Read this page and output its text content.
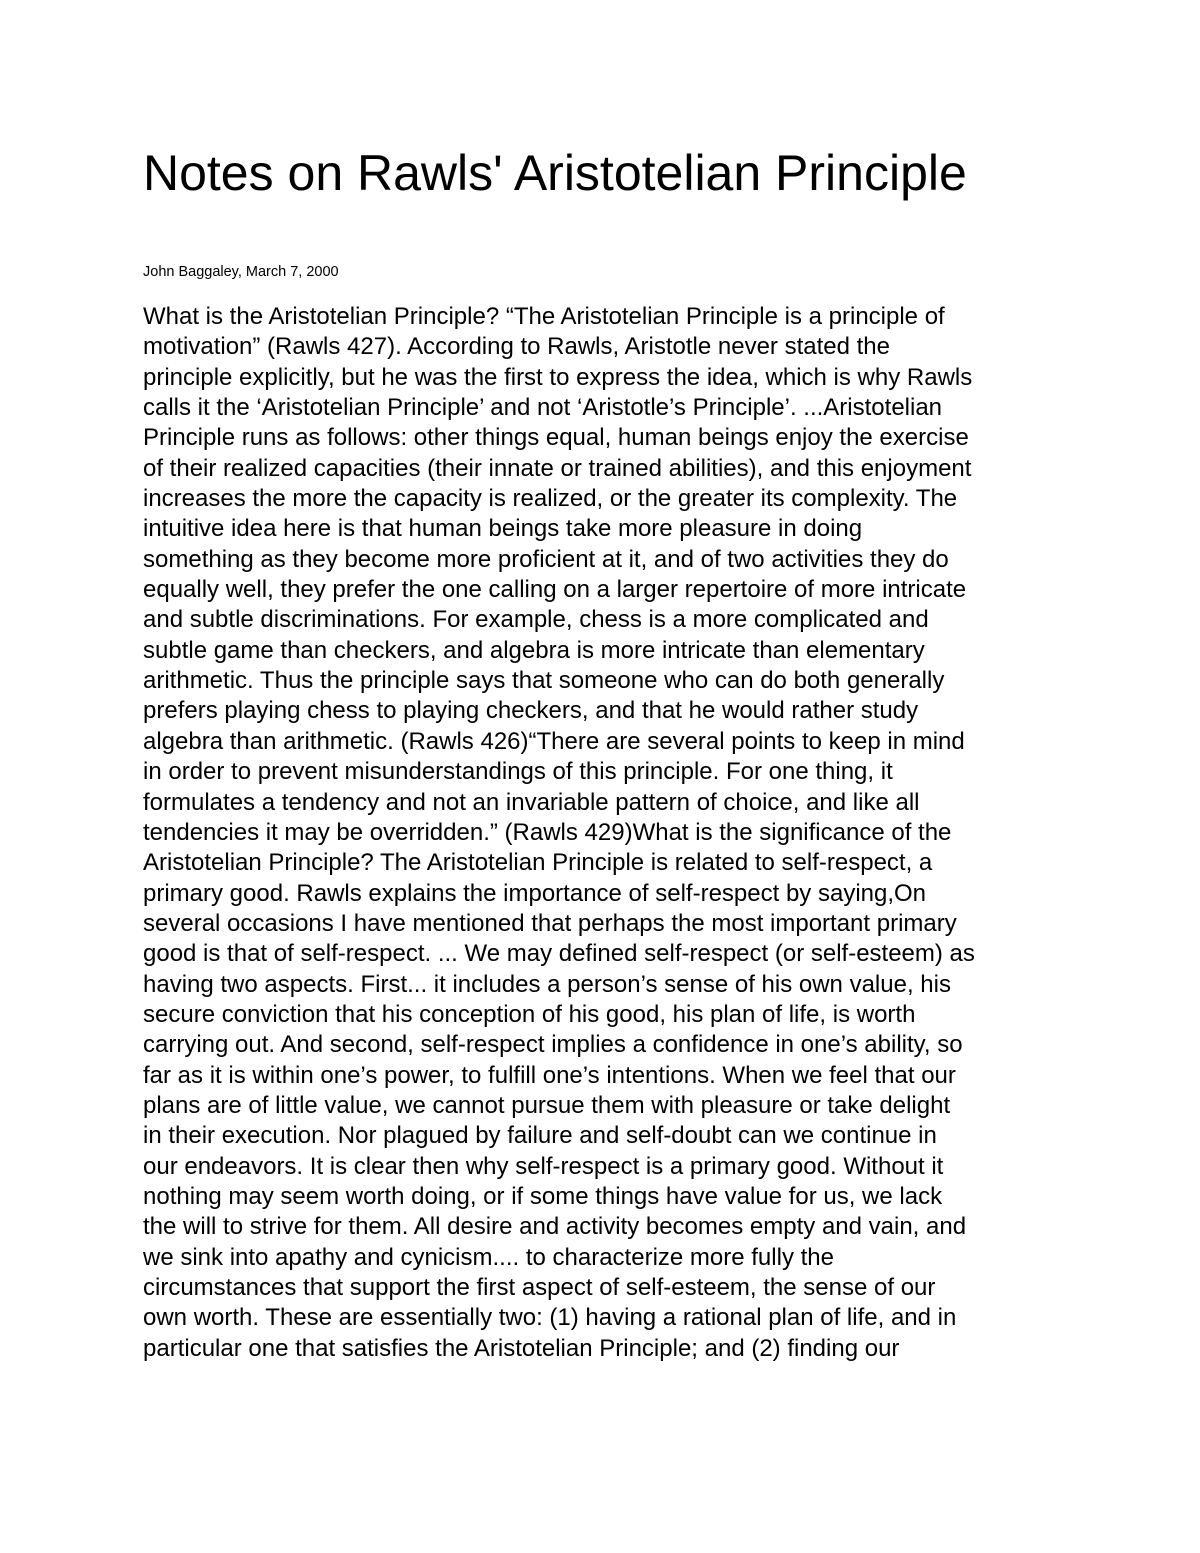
Notes on Rawls' Aristotelian Principle

John Baggaley, March 7, 2000

What is the Aristotelian Principle? “The Aristotelian Principle is a principle of
motivation” (Rawls 427). According to Rawls, Aristotle never stated the
principle explicitly, but he was the first to express the idea, which is why Rawls
calls it the ‘Aristotelian Principle’ and not ‘Aristotle’s Principle’. ...Aristotelian
Principle runs as follows: other things equal, human beings enjoy the exercise
of their realized capacities (their innate or trained abilities), and this enjoyment
increases the more the capacity is realized, or the greater its complexity. The
intuitive idea here is that human beings take more pleasure in doing
something as they become more proficient at it, and of two activities they do
equally well, they prefer the one calling on a larger repertoire of more intricate
and subtle discriminations. For example, chess is a more complicated and
subtle game than checkers, and algebra is more intricate than elementary
arithmetic. Thus the principle says that someone who can do both generally
prefers playing chess to playing checkers, and that he would rather study
algebra than arithmetic. (Rawls 426)“There are several points to keep in mind
in order to prevent misunderstandings of this principle. For one thing, it
formulates a tendency and not an invariable pattern of choice, and like all
tendencies it may be overridden.” (Rawls 429)What is the significance of the
Aristotelian Principle? The Aristotelian Principle is related to self-respect, a
primary good. Rawls explains the importance of self-respect by saying,On
several occasions I have mentioned that perhaps the most important primary
good is that of self-respect. ... We may defined self-respect (or self-esteem) as
having two aspects. First... it includes a person’s sense of his own value, his
secure conviction that his conception of his good, his plan of life, is worth
carrying out. And second, self-respect implies a confidence in one’s ability, so
far as it is within one’s power, to fulfill one’s intentions. When we feel that our
plans are of little value, we cannot pursue them with pleasure or take delight
in their execution. Nor plagued by failure and self-doubt can we continue in
our endeavors. It is clear then why self-respect is a primary good. Without it
nothing may seem worth doing, or if some things have value for us, we lack
the will to strive for them. All desire and activity becomes empty and vain, and
we sink into apathy and cynicism.... to characterize more fully the
circumstances that support the first aspect of self-esteem, the sense of our
own worth. These are essentially two: (1) having a rational plan of life, and in
particular one that satisfies the Aristotelian Principle; and (2) finding our
